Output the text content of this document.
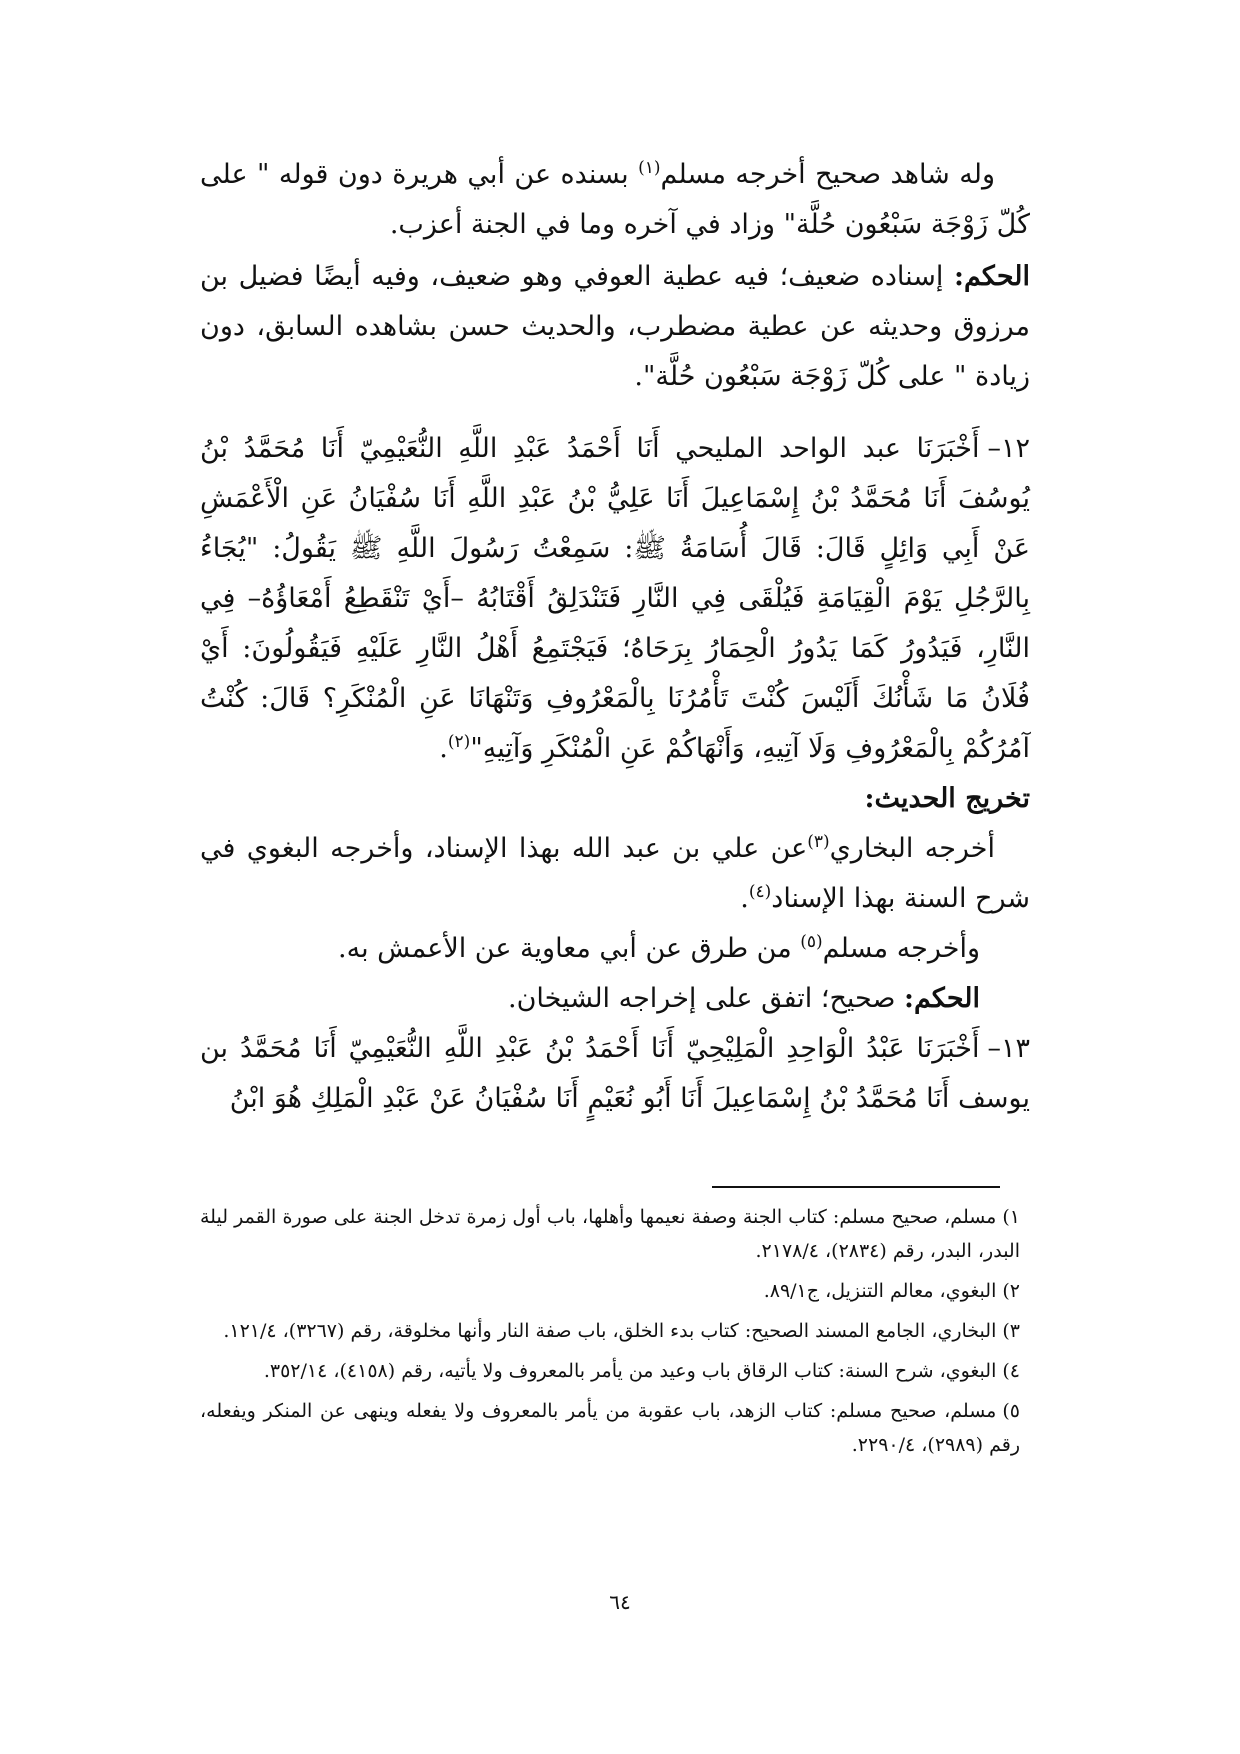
وله شاهد صحيح أخرجه مسلم$^{(١)}$ بسنده عن أبي هريرة دون قوله " على كُلّ زَوْجَة سَبْعُون حُلَّة" وزاد في آخره وما في الجنة أعزب.

الحكم: إسناده ضعيف؛ فيه عطية العوفي وهو ضعيف، وفيه أيضًا فضيل بن مرزوق وحديثه عن عطية مضطرب، والحديث حسن بشاهده السابق، دون زيادة " على كُلّ زَوْجَة سَبْعُون حُلَّة".

١٢–أَخْبَرَنَا عبد الواحد المليحي أَنَا أَحْمَدُ عَبْدِ اللَّهِ النُّعَيْمِيّ أَنَا مُحَمَّدُ بْنُ يُوسُفَ أَنَا مُحَمَّدُ بْنُ إِسْمَاعِيلَ أَنَا عَلِيُّ بْنُ عَبْدِ اللَّهِ أَنَا سُفْيَانُ عَنِ الْأَعْمَشِ عَنْ أَبِي وَائِلٍ قَالَ: قَالَ أُسَامَةُ ﷺ: سَمِعْتُ رَسُولَ اللَّهِ ﷺ يَقُولُ: "يُجَاءُ بِالرَّجُلِ يَوْمَ الْقِيَامَةِ فَيُلْقَى فِي النَّارِ فَتَنْدَلِقُ أَقْتَابُهُ –أَيْ تَنْقَطِعُ أَمْعَاؤُهُ– فِي النَّارِ، فَيَدُورُ كَمَا يَدُورُ الْحِمَارُ بِرَحَاهُ؛ فَيَجْتَمِعُ أَهْلُ النَّارِ عَلَيْهِ فَيَقُولُونَ: أَيْ فُلَانُ مَا شَأْنُكَ أَلَيْسَ كُنْتَ تَأْمُرُنَا بِالْمَعْرُوفِ وَتَنْهَانَا عَنِ الْمُنْكَرِ؟ قَالَ: كُنْتُ آمُرُكُمْ بِالْمَعْرُوفِ وَلَا آتِيهِ، وَأَنْهَاكُمْ عَنِ الْمُنْكَرِ وَآتِيهِ"$^{(٢)}$.

تخريج الحديث:

أخرجه البخاري$^{(٣)}$عن علي بن عبد الله بهذا الإسناد، وأخرجه البغوي في شرح السنة بهذا الإسناد$^{(٤)}$.

وأخرجه مسلم$^{(٥)}$ من طرق عن أبي معاوية عن الأعمش به.

الحكم: صحيح؛ اتفق على إخراجه الشيخان.

١٣–أَخْبَرَنَا عَبْدُ الْوَاحِدِ الْمَلِيْحِيّ أَنَا أَحْمَدُ بْنُ عَبْدِ اللَّهِ النُّعَيْمِيّ أَنَا مُحَمَّدُ بن يوسف أَنَا مُحَمَّدُ بْنُ إِسْمَاعِيلَ أَنَا أَبُو نُعَيْمٍ أَنَا سُفْيَانُ عَنْ عَبْدِ الْمَلِكِ هُوَ ابْنُ

١)مسلم، صحيح مسلم: كتاب الجنة وصفة نعيمها وأهلها، باب أول زمرة تدخل الجنة على صورة القمر ليلة البدر، البدر، رقم (٢٨٣٤)، ٢١٧٨/٤.

٢)البغوي، معالم التنزيل، ج٨٩/١.

٣)البخاري، الجامع المسند الصحيح: كتاب بدء الخلق، باب صفة النار وأنها مخلوقة، رقم (٣٢٦٧)، ١٢١/٤.

٤)البغوي، شرح السنة: كتاب الرقاق باب وعيد من يأمر بالمعروف ولا يأتيه، رقم (٤١٥٨)، ٣٥٢/١٤.

٥)مسلم، صحيح مسلم: كتاب الزهد، باب عقوبة من يأمر بالمعروف ولا يفعله وينهى عن المنكر ويفعله، رقم (٢٩٨٩)، ٢٢٩٠/٤.

٦٤
